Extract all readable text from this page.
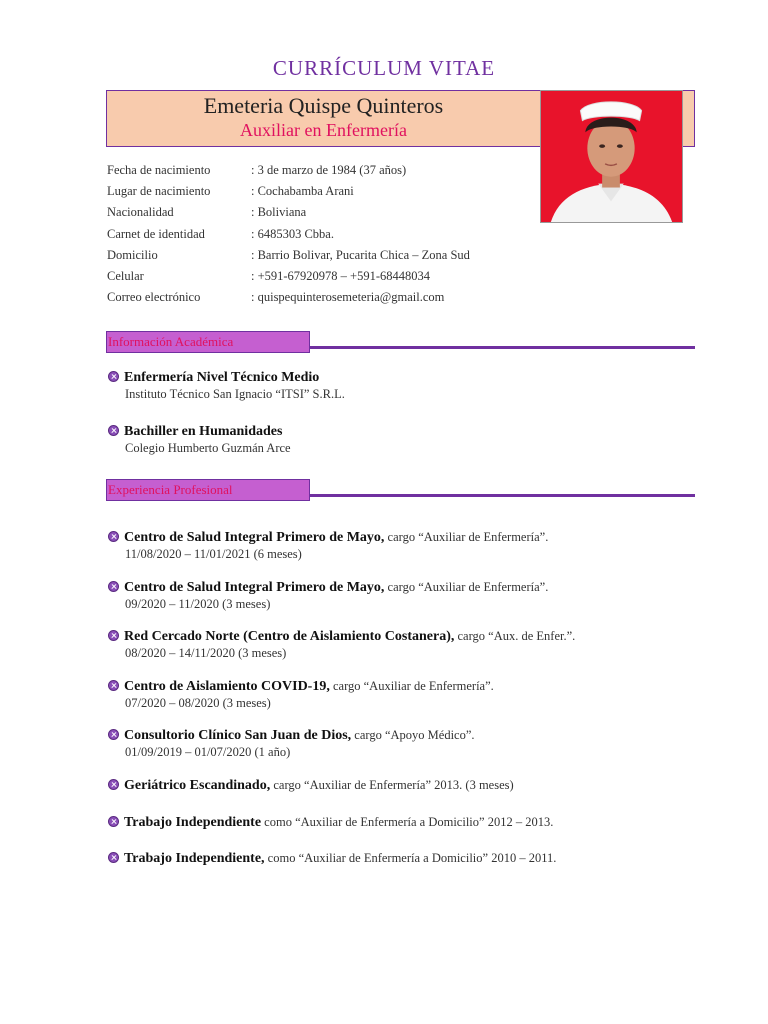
CURRÍCULUM VITAE
Emeteria Quispe Quinteros
Auxiliar en Enfermería
Fecha de nacimiento	: 3 de marzo de 1984 (37 años)
Lugar de nacimiento	: Cochabamba Arani
Nacionalidad	: Boliviana
Carnet de identidad	: 6485303 Cbba.
Domicilio	: Barrio Bolivar, Pucarita Chica – Zona Sud
Celular	: +591-67920978 – +591-68448034
Correo electrónico	: quispequinterosemeteria@gmail.com
Información Académica
Enfermería Nivel Técnico Medio
Instituto Técnico San Ignacio “ITSI” S.R.L.
Bachiller en Humanidades
Colegio Humberto Guzmán Arce
Experiencia Profesional
Centro de Salud Integral Primero de Mayo, cargo “Auxiliar de Enfermería”.
11/08/2020 – 11/01/2021 (6 meses)
Centro de Salud Integral Primero de Mayo, cargo “Auxiliar de Enfermería”.
09/2020 – 11/2020 (3 meses)
Red Cercado Norte (Centro de Aislamiento Costanera), cargo “Aux. de Enfer.”.
08/2020 – 14/11/2020 (3 meses)
Centro de Aislamiento COVID-19, cargo “Auxiliar de Enfermería”.
07/2020 – 08/2020 (3 meses)
Consultorio Clínico San Juan de Dios, cargo “Apoyo Médico”.
01/09/2019 – 01/07/2020 (1 año)
Geriátrico Escandinado, cargo “Auxiliar de Enfermería” 2013. (3 meses)
Trabajo Independiente como “Auxiliar de Enfermería a Domicilio” 2012 – 2013.
Trabajo Independiente, como “Auxiliar de Enfermería a Domicilio” 2010 – 2011.
